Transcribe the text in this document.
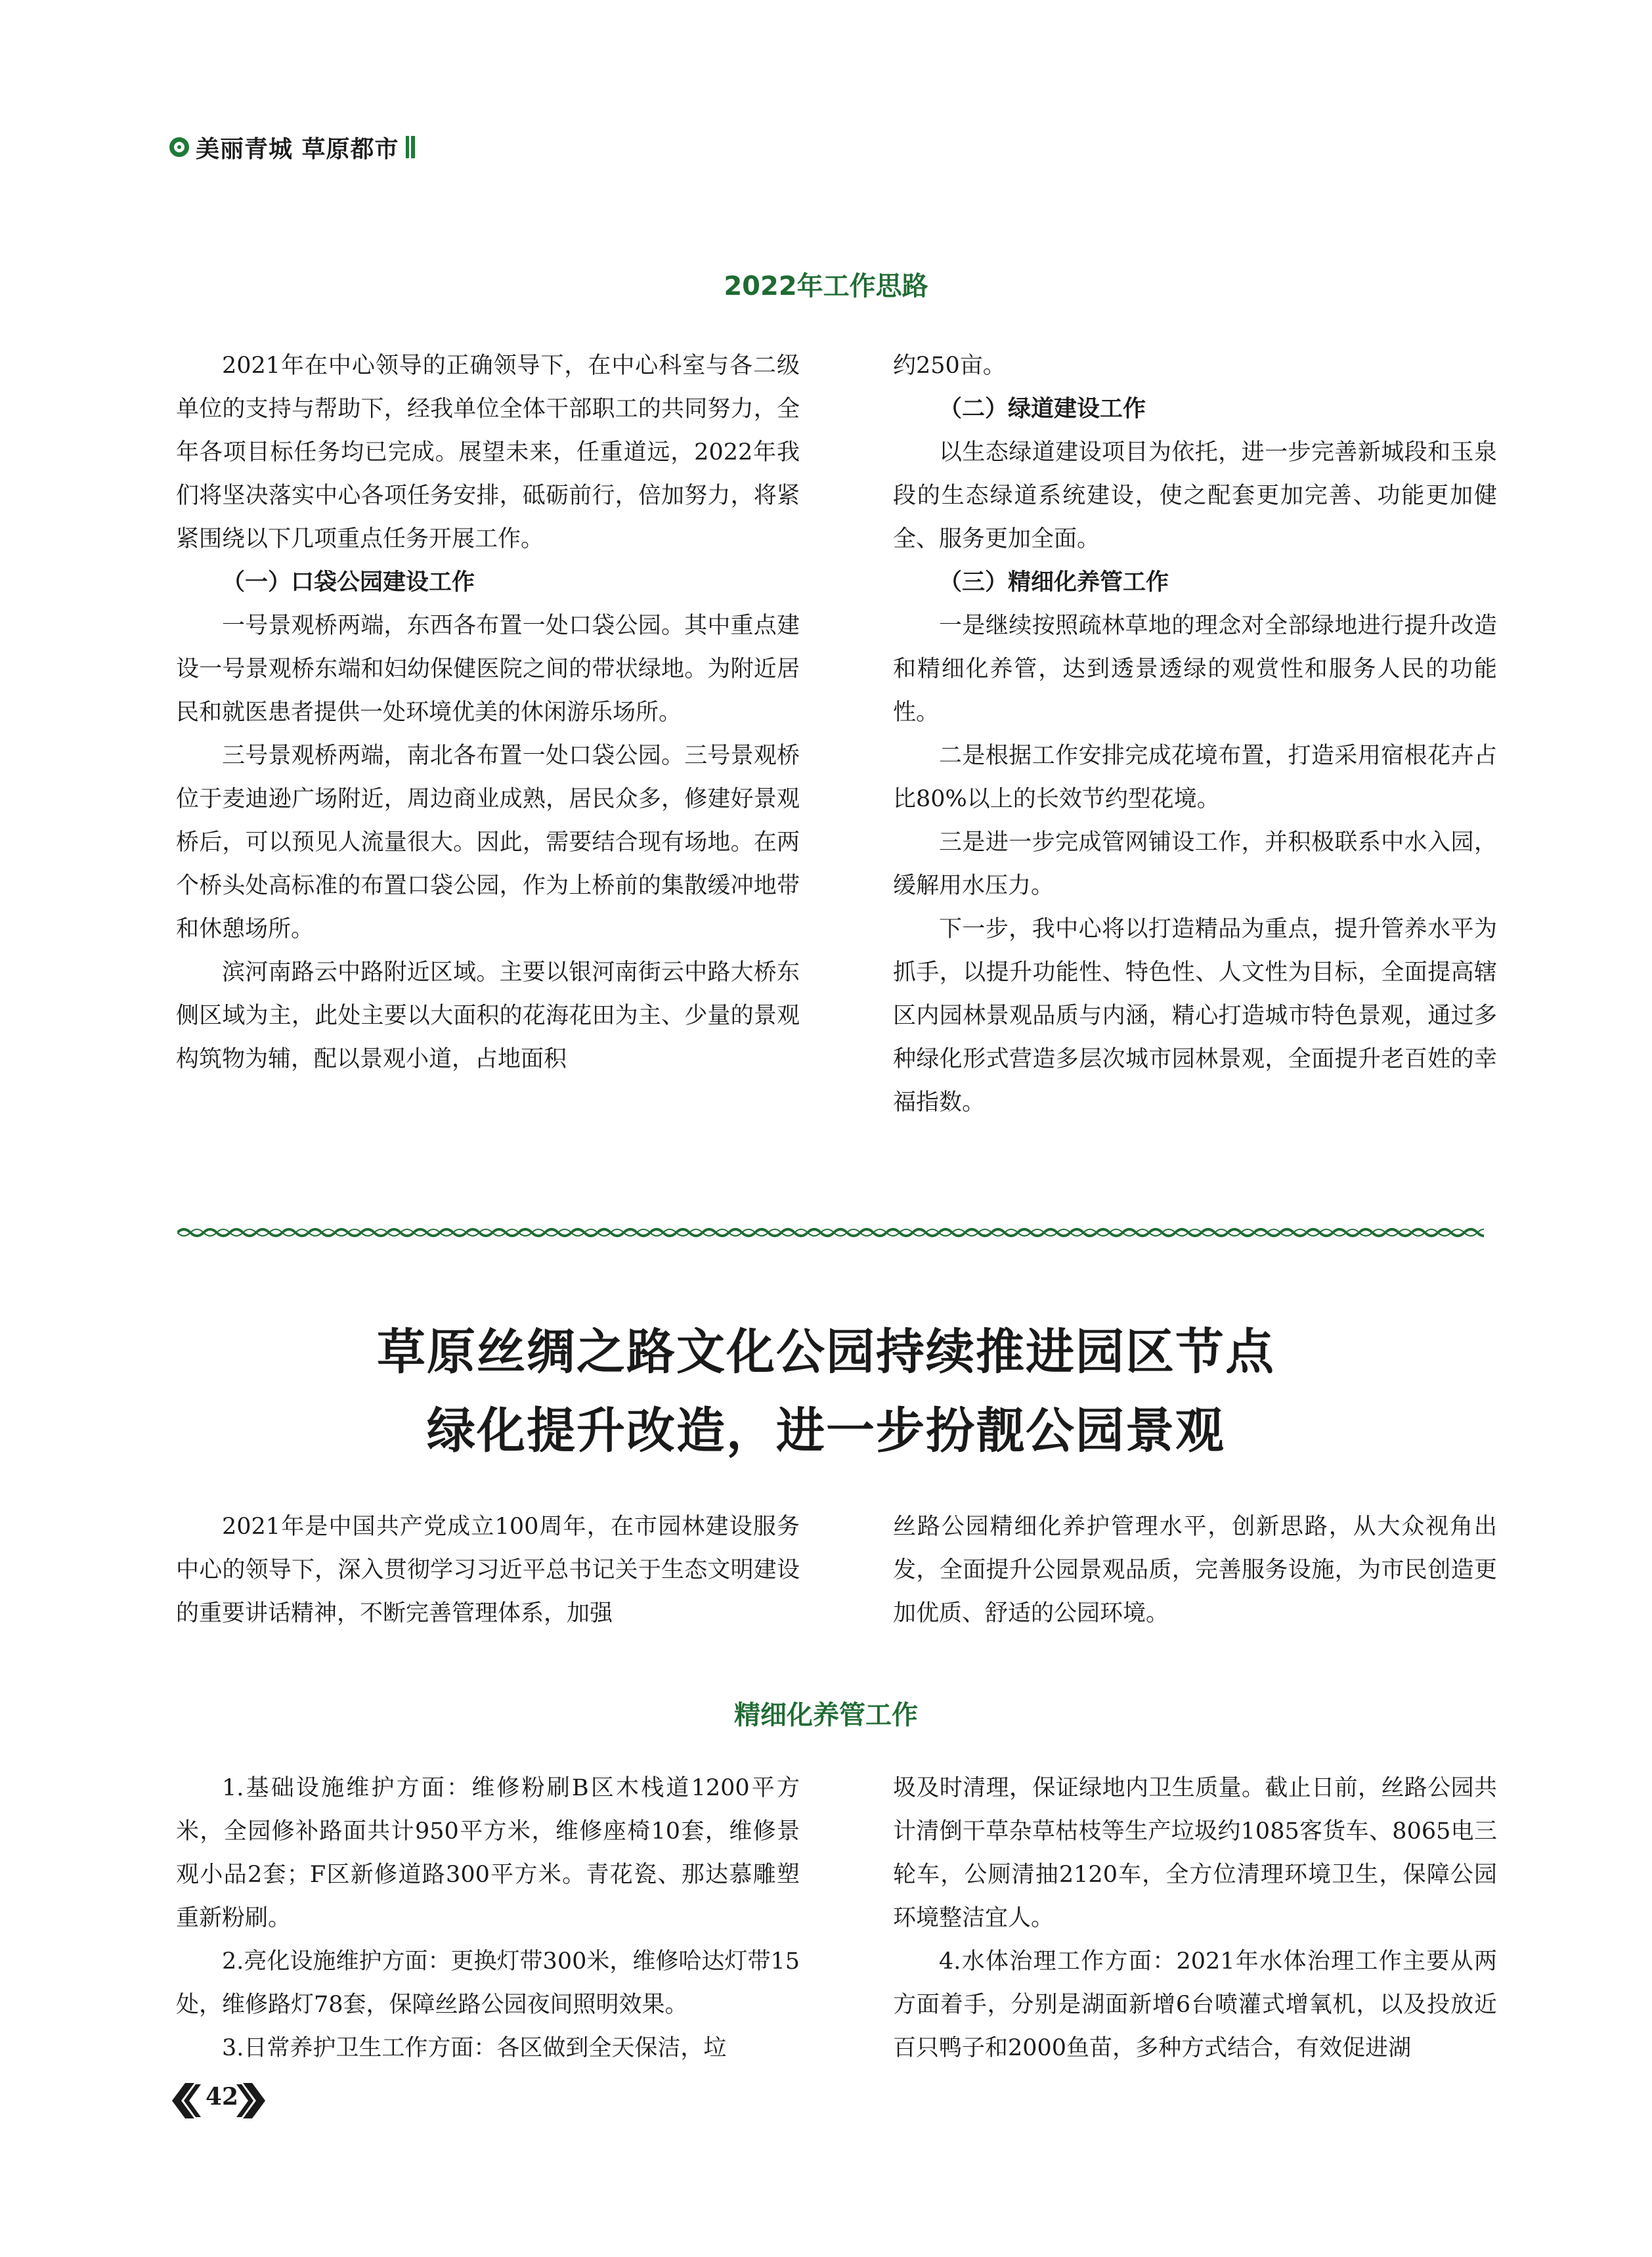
美丽青城 草原都市
2022年工作思路

2021年在中心领导的正确领导下，在中心科室与各二级单位的支持与帮助下，经我单位全体干部职工的共同努力，全年各项目标任务均已完成。展望未来，任重道远，2022年我们将坚决落实中心各项任务安排，砥砺前行，倍加努力，将紧紧围绕以下几项重点任务开展工作。

（一）口袋公园建设工作

一号景观桥两端，东西各布置一处口袋公园。其中重点建设一号景观桥东端和妇幼保健医院之间的带状绿地。为附近居民和就医患者提供一处环境优美的休闲游乐场所。

三号景观桥两端，南北各布置一处口袋公园。三号景观桥位于麦迪逊广场附近，周边商业成熟，居民众多，修建好景观桥后，可以预见人流量很大。因此，需要结合现有场地。在两个桥头处高标准的布置口袋公园，作为上桥前的集散缓冲地带和休憩场所。

滨河南路云中路附近区域。主要以银河南街云中路大桥东侧区域为主，此处主要以大面积的花海花田为主、少量的景观构筑物为辅，配以景观小道，占地面积

约250亩。

（二）绿道建设工作

以生态绿道建设项目为依托，进一步完善新城段和玉泉段的生态绿道系统建设，使之配套更加完善、功能更加健全、服务更加全面。

（三）精细化养管工作

一是继续按照疏林草地的理念对全部绿地进行提升改造和精细化养管，达到透景透绿的观赏性和服务人民的功能性。

二是根据工作安排完成花境布置，打造采用宿根花卉占比80%以上的长效节约型花境。

三是进一步完成管网铺设工作，并积极联系中水入园，缓解用水压力。

下一步，我中心将以打造精品为重点，提升管养水平为抓手，以提升功能性、特色性、人文性为目标，全面提高辖区内园林景观品质与内涵，精心打造城市特色景观，通过多种绿化形式营造多层次城市园林景观，全面提升老百姓的幸福指数。

草原丝绸之路文化公园持续推进园区节点
绿化提升改造，进一步扮靓公园景观

2021年是中国共产党成立100周年，在市园林建设服务中心的领导下，深入贯彻学习习近平总书记关于生态文明建设的重要讲话精神，不断完善管理体系，加强

丝路公园精细化养护管理水平，创新思路，从大众视角出发，全面提升公园景观品质，完善服务设施，为市民创造更加优质、舒适的公园环境。

精细化养管工作

1.基础设施维护方面：维修粉刷B区木栈道1200平方米，全园修补路面共计950平方米，维修座椅10套，维修景观小品2套；F区新修道路300平方米。青花瓷、那达慕雕塑重新粉刷。

2.亮化设施维护方面：更换灯带300米，维修哈达灯带15处，维修路灯78套，保障丝路公园夜间照明效果。

3.日常养护卫生工作方面：各区做到全天保洁，垃

圾及时清理，保证绿地内卫生质量。截止日前，丝路公园共计清倒干草杂草枯枝等生产垃圾约1085客货车、8065电三轮车，公厕清抽2120车，全方位清理环境卫生，保障公园环境整洁宜人。

4.水体治理工作方面：2021年水体治理工作主要从两方面着手，分别是湖面新增6台喷灌式增氧机，以及投放近百只鸭子和2000鱼苗，多种方式结合，有效促进湖

42
